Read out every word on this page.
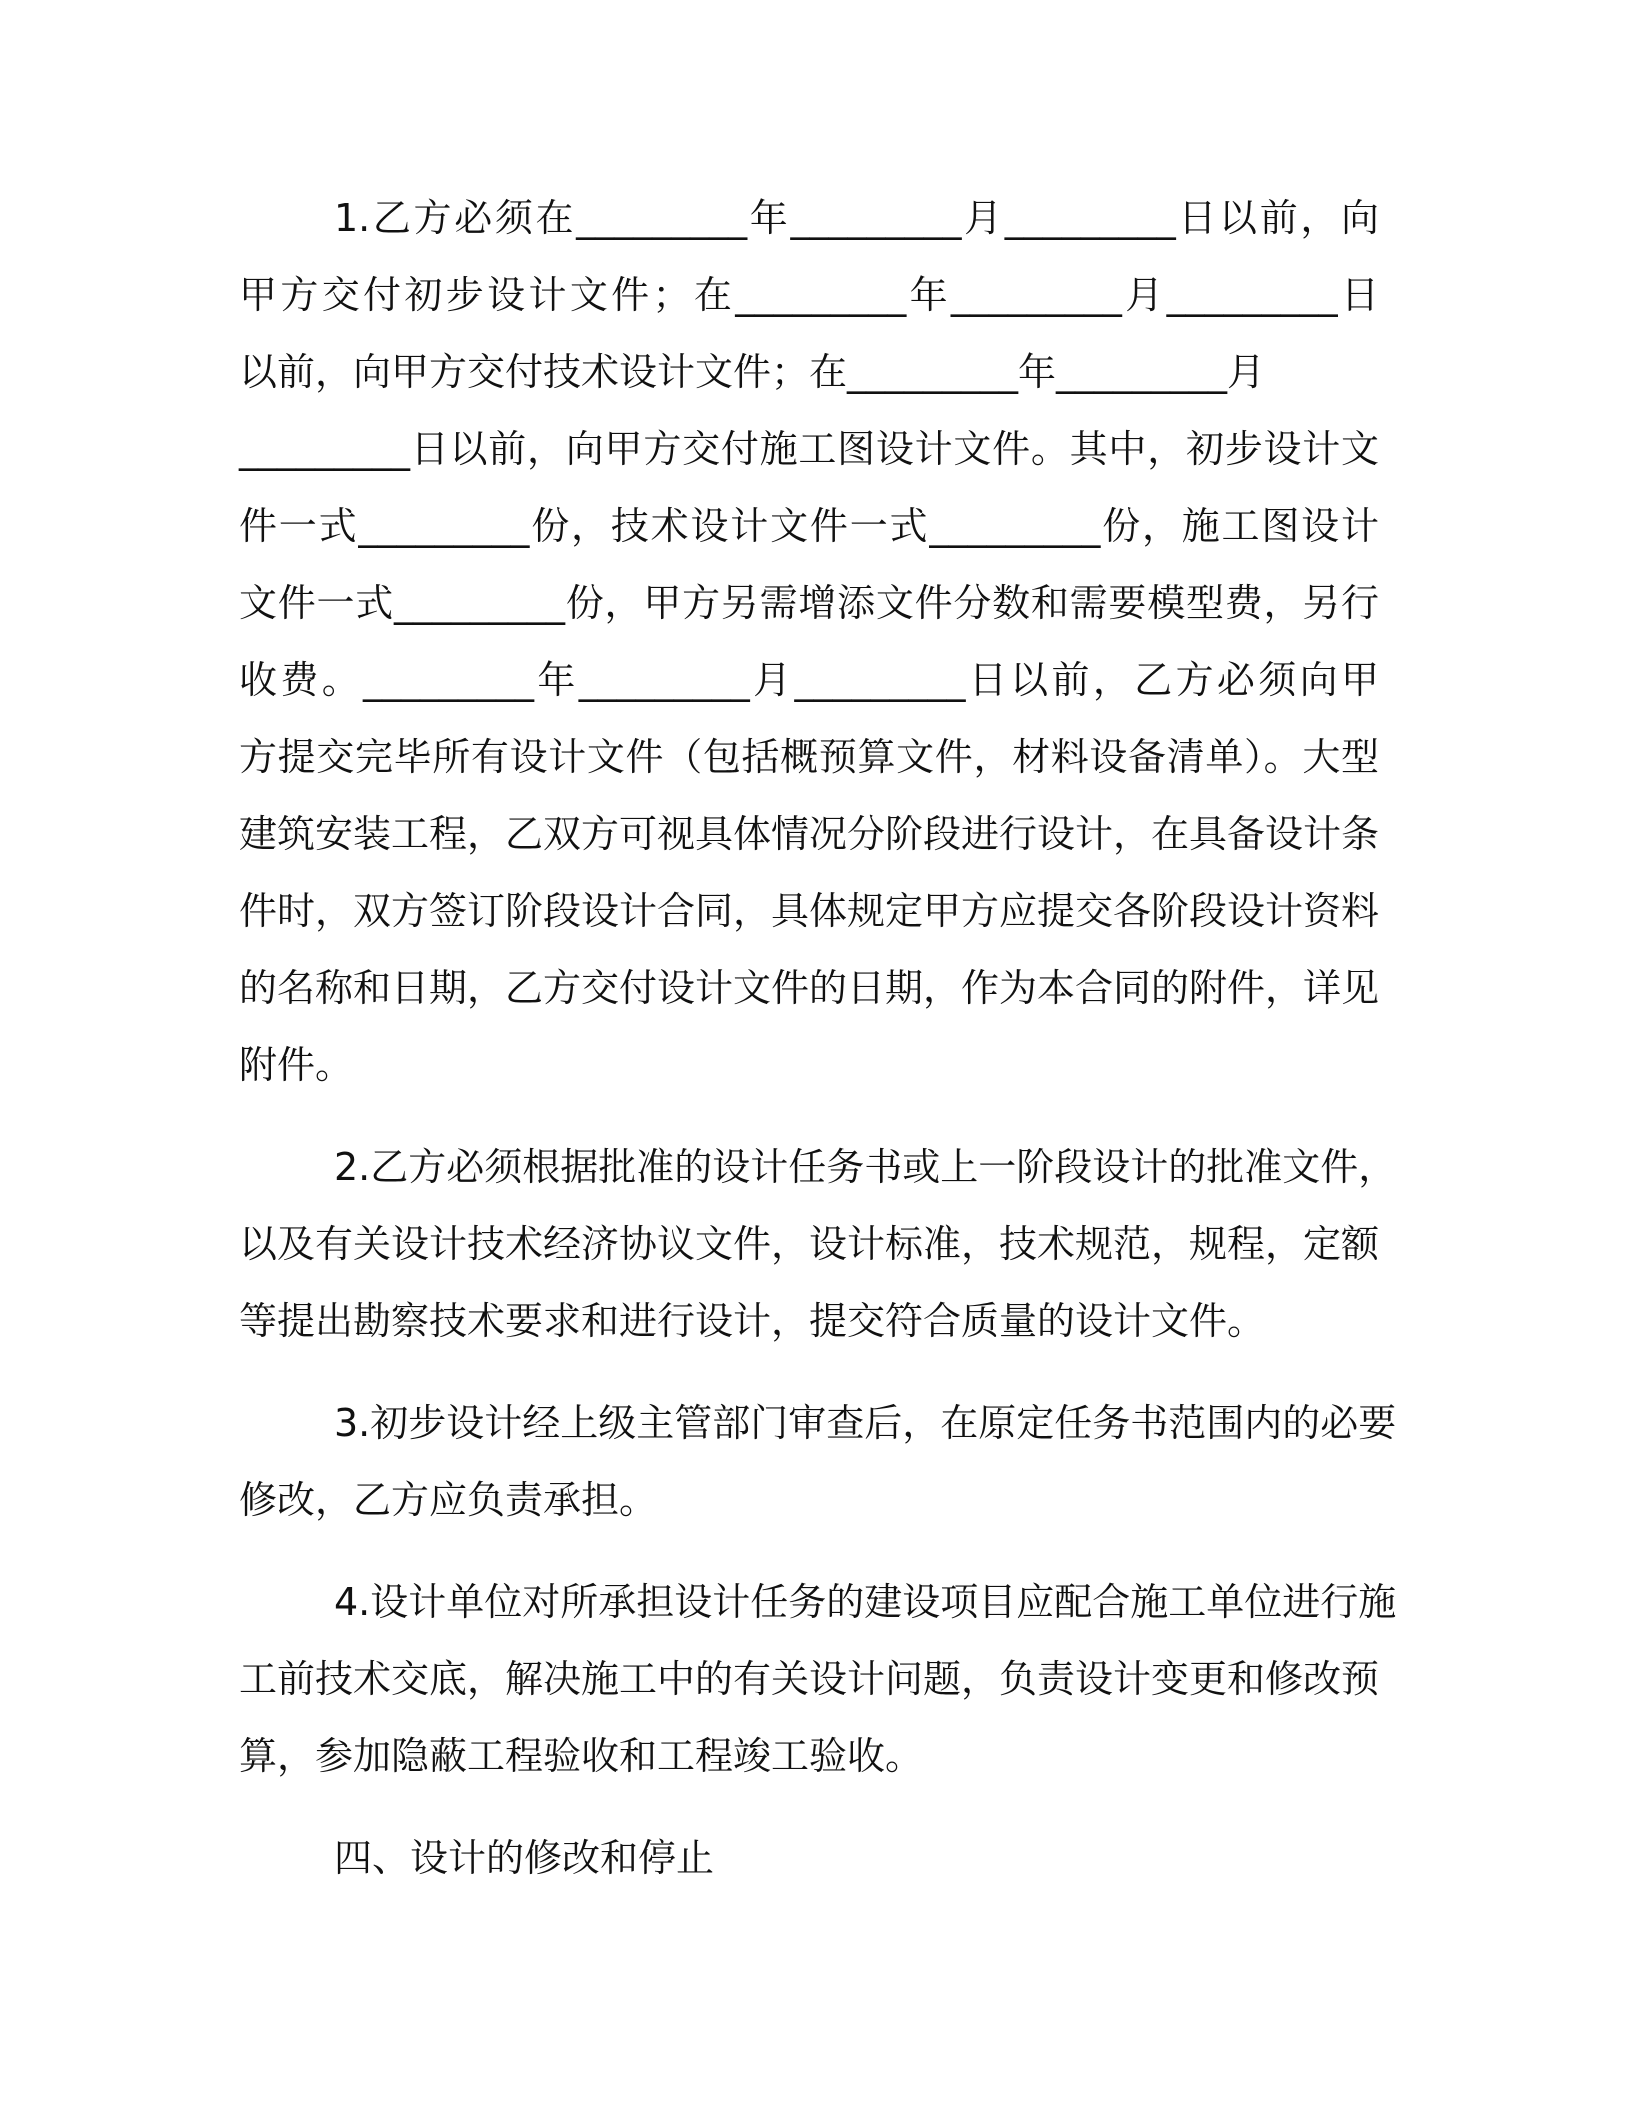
1.乙方必须在_________年_________月_________日以前，向
甲方交付初步设计文件；在_________年_________月_________日
以前，向甲方交付技术设计文件；在_________年_________月
_________日以前，向甲方交付施工图设计文件。其中，初步设计文
件一式_________份，技术设计文件一式_________份，施工图设计
文件一式_________份，甲方另需增添文件分数和需要模型费，另行
收费。_________年_________月_________日以前，乙方必须向甲
方提交完毕所有设计文件（包括概预算文件，材料设备清单）。大型
建筑安装工程，乙双方可视具体情况分阶段进行设计，在具备设计条
件时，双方签订阶段设计合同，具体规定甲方应提交各阶段设计资料
的名称和日期，乙方交付设计文件的日期，作为本合同的附件，详见
附件。
2.乙方必须根据批准的设计任务书或上一阶段设计的批准文件，
以及有关设计技术经济协议文件，设计标准，技术规范，规程，定额
等提出勘察技术要求和进行设计，提交符合质量的设计文件。
3.初步设计经上级主管部门审查后，在原定任务书范围内的必要
修改，乙方应负责承担。
4.设计单位对所承担设计任务的建设项目应配合施工单位进行施
工前技术交底，解决施工中的有关设计问题，负责设计变更和修改预
算，参加隐蔽工程验收和工程竣工验收。
四、设计的修改和停止
